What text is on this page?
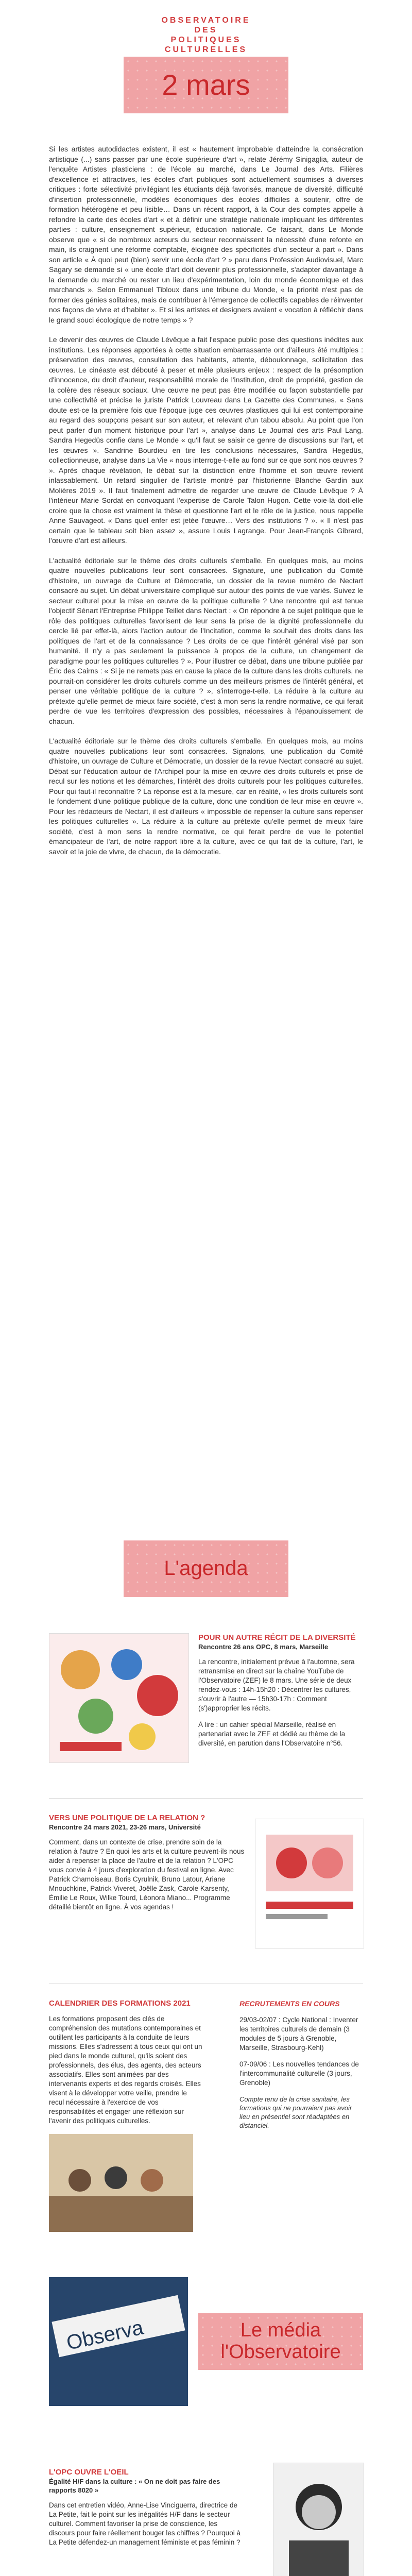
OBSERVATOIRE
DES
POLITIQUES
CULTURELLES
2 mars

Si les artistes autodidactes existent, il est « hautement improbable d'atteindre la consécration artistique (...) sans passer par une école supérieure d'art », relate Jérémy Sinigaglia, auteur de l'enquête Artistes plasticiens : de l'école au marché, dans Le Journal des Arts. Filières d'excellence et attractives, les écoles d'art publiques sont actuellement soumises à diverses critiques : forte sélectivité privilégiant les étudiants déjà favorisés, manque de diversité, difficulté d'insertion professionnelle, modèles économiques des écoles difficiles à soutenir, offre de formation hétérogène et peu lisible… Dans un récent rapport, à la Cour des comptes appelle à refondre la carte des écoles d'art « et à définir une stratégie nationale impliquant les différentes parties : culture, enseignement supérieur, éducation nationale. Ce faisant, dans Le Monde observe que « si de nombreux acteurs du secteur reconnaissent la nécessité d'une refonte en main, ils craignent une réforme comptable, éloignée des spécificités d'un secteur à part ». Dans son article « À quoi peut (bien) servir une école d'art ? » paru dans Profession Audiovisuel, Marc Sagary se demande si « une école d'art doit devenir plus professionnelle, s'adapter davantage à la demande du marché ou rester un lieu d'expérimentation, loin du monde économique et des marchands ». Selon Emmanuel Tibloux dans une tribune du Monde, « la priorité n'est pas de former des génies solitaires, mais de contribuer à l'émergence de collectifs capables de réinventer nos façons de vivre et d'habiter ». Et si les artistes et designers avaient « vocation à réfléchir dans le grand souci écologique de notre temps » ?

Le devenir des œuvres de Claude Lévêque a fait l'espace public pose des questions inédites aux institutions. Les réponses apportées à cette situation embarrassante ont d'ailleurs été multiples : préservation des œuvres, consultation des habitants, attente, déboulonnage, sollicitation des œuvres. Le cinéaste est débouté à peser et mêle plusieurs enjeux : respect de la présomption d'innocence, du droit d'auteur, responsabilité morale de l'institution, droit de propriété, gestion de la colère des réseaux sociaux. Une œuvre ne peut pas être modifiée ou façon substantielle par une collectivité et précise le juriste Patrick Louvreau dans La Gazette des Communes. « Sans doute est-ce la première fois que l'époque juge ces œuvres plastiques qui lui est contemporaine au regard des soupçons pesant sur son auteur, et relevant d'un tabou absolu. Au point que l'on peut parler d'un moment historique pour l'art », analyse dans Le Journal des arts Paul Lang. Sandra Hegedüs confie dans Le Monde « qu'il faut se saisir ce genre de discussions sur l'art, et les œuvres ». Sandrine Bourdieu en tire les conclusions nécessaires, Sandra Hegedüs, collectionneuse, analyse dans La Vie « nous interroge-t-elle au fond sur ce que sont nos œuvres ? ». Après chaque révélation, le débat sur la distinction entre l'homme et son œuvre revient inlassablement. Un retard singulier de l'artiste montré par l'historienne Blanche Gardin aux Molières 2019 ». Il faut finalement admettre de regarder une œuvre de Claude Lévêque ? À l'intérieur Marie Sordat en convoquant l'expertise de Carole Talon Hugon. Cette voie-là doit-elle croire que la chose est vraiment la thèse et questionne l'art et le rôle de la justice, nous rappelle Anne Sauvageot. « Dans quel enfer est jetée l'œuvre… Vers des institutions ? ». « Il n'est pas certain que le tableau soit bien assez », assure Louis Lagrange. Pour Jean-François Gibrard, l'œuvre d'art est ailleurs.

L'actualité éditoriale sur le thème des droits culturels s'emballe. En quelques mois, au moins quatre nouvelles publications leur sont consacrées. Signature, une publication du Comité d'histoire, un ouvrage de Culture et Démocratie, un dossier de la revue numéro de Nectart consacré au sujet. Un débat universitaire compliqué sur autour des points de vue variés. Suivez le secteur culturel pour la mise en œuvre de la politique culturelle ? Une rencontre qui est tenue l'objectif Sénart l'Entreprise Philippe Teillet dans Nectart : « On répondre à ce sujet politique que le rôle des politiques culturelles favorisent de leur sens la prise de la dignité professionnelle du cercle lié par effet-là, alors l'action autour de l'Incitation, comme le souhait des droits dans les politiques de l'art et de la connaissance ? Les droits de ce que l'intérêt général visé par son humanité. Il n'y a pas seulement la puissance à propos de la culture, un changement de paradigme pour les politiques culturelles ? ». Pour illustrer ce débat, dans une tribune publiée par Éric des Cairns : « Si je ne remets pas en cause la place de la culture dans les droits culturels, ne pourrait-on considérer les droits culturels comme un des meilleurs prismes de l'intérêt général, et penser une véritable politique de la culture ? », s'interroge-t-elle. La réduire à la culture au prétexte qu'elle permet de mieux faire société, c'est à mon sens la rendre normative, ce qui ferait perdre de vue les territoires d'expression des possibles, nécessaires à l'épanouissement de chacun.

L'actualité éditoriale sur le thème des droits culturels s'emballe. En quelques mois, au moins quatre nouvelles publications leur sont consacrées. Signalons, une publication du Comité d'histoire, un ouvrage de Culture et Démocratie, un dossier de la revue Nectart consacré au sujet. Débat sur l'éducation autour de l'Archipel pour la mise en œuvre des droits culturels et prise de recul sur les notions et les démarches, l'intérêt des droits culturels pour les politiques culturelles. Pour qui faut-il reconnaître ? La réponse est à la mesure, car en réalité, « les droits culturels sont le fondement d'une politique publique de la culture, donc une condition de leur mise en œuvre ». Pour les rédacteurs de Nectart, il est d'ailleurs « impossible de repenser la culture sans repenser les politiques culturelles ». La réduire à la culture au prétexte qu'elle permet de mieux faire société, c'est à mon sens la rendre normative, ce qui ferait perdre de vue le potentiel émancipateur de l'art, de notre rapport libre à la culture, avec ce qui fait de la culture, l'art, le savoir et la joie de vivre, de chacun, de la démocratie.

L'agenda

POUR UN AUTRE RÉCIT DE LA DIVERSITÉ

Rencontre 26 ans OPC, 8 mars, Marseille

La rencontre, initialement prévue à l'automne, sera retransmise en direct sur la chaîne YouTube de l'Observatoire (ZEF) le 8 mars. Une série de deux rendez-vous : 14h-15h20 : Décentrer les cultures, s'ouvrir à l'autre — 15h30-17h : Comment (s')approprier les récits.

À lire : un cahier spécial Marseille, réalisé en partenariat avec le ZEF et dédié au thème de la diversité, en parution dans l'Observatoire n°56.

VERS UNE POLITIQUE DE LA RELATION ?

Rencontre 24 mars 2021, 23-26 mars, Université

Comment, dans un contexte de crise, prendre soin de la relation à l'autre ? En quoi les arts et la culture peuvent-ils nous aider à repenser la place de l'autre et de la relation ? L'OPC vous convie à 4 jours d'exploration du festival en ligne. Avec Patrick Chamoiseau, Boris Cyrulnik, Bruno Latour, Ariane Mnouchkine, Patrick Viveret, Joëlle Zask, Carole Karsenty, Émilie Le Roux, Wilke Tourd, Léonora Miano... Programme détaillé bientôt en ligne. À vos agendas !

CALENDRIER DES FORMATIONS 2021

Les formations proposent des clés de compréhension des mutations contemporaines et outillent les participants à la conduite de leurs missions. Elles s'adressent à tous ceux qui ont un pied dans le monde culturel, qu'ils soient des professionnels, des élus, des agents, des acteurs associatifs. Elles sont animées par des intervenants experts et des regards croisés. Elles visent à le développer votre veille, prendre le recul nécessaire à l'exercice de vos responsabilités et engager une réflexion sur l'avenir des politiques culturelles.

RECRUTEMENTS EN COURS

29/03-02/07 : Cycle National : Inventer les territoires culturels de demain (3 modules de 5 jours à Grenoble, Marseille, Strasbourg-Kehl)

07-09/06 : Les nouvelles tendances de l'intercommunalité culturelle (3 jours, Grenoble)

Compte tenu de la crise sanitaire, les formations qui ne pourraient pas avoir lieu en présentiel sont réadaptées en distanciel.

Observa	Le média
l'Observatoire

L'OPC OUVRE L'OEIL

Égalité H/F dans la culture : « On ne doit pas faire des rapports 8020 »

Dans cet entretien vidéo, Anne-Lise Vinciguerra, directrice de La Petite, fait le point sur les inégalités H/F dans le secteur culturel. Comment favoriser la prise de conscience, les discours pour faire réellement bouger les chiffres ? Pourquoi à La Petite défendez-un management féministe et pas féminin ?
